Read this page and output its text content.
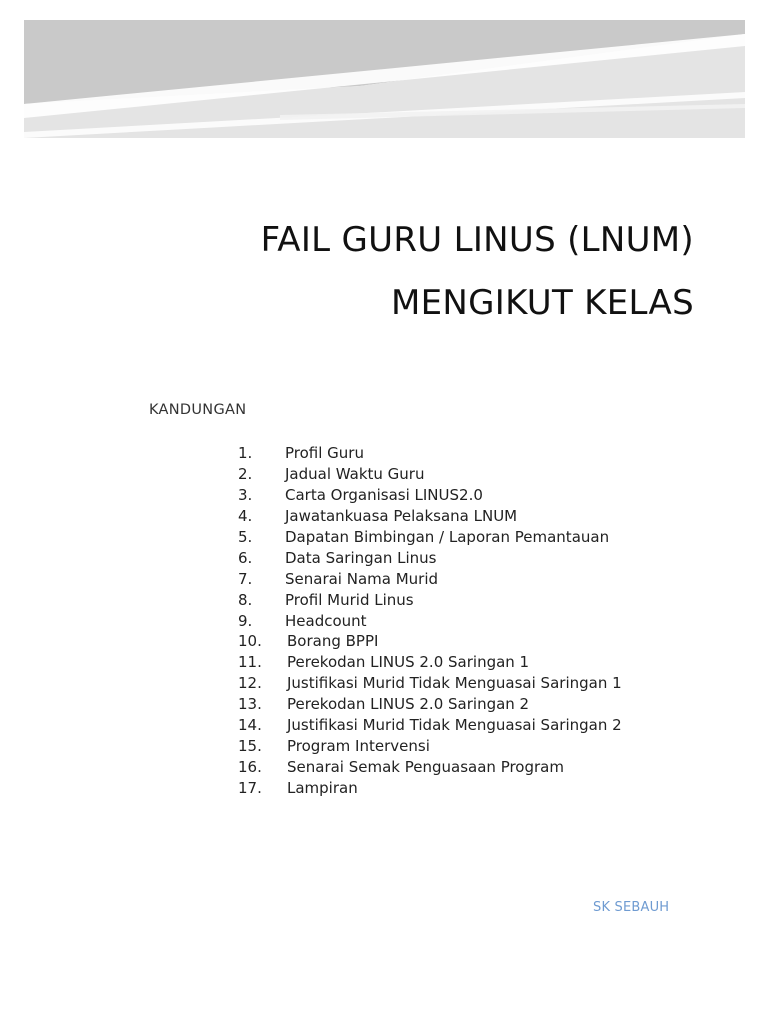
FAIL GURU LINUS (LNUM)
MENGIKUT KELAS
KANDUNGAN
1.	Profil Guru
2.	Jadual Waktu Guru
3.	Carta Organisasi LINUS2.0
4.	Jawatankuasa Pelaksana LNUM
5.	Dapatan Bimbingan / Laporan Pemantauan
6.	Data Saringan Linus
7.	Senarai Nama Murid
8.	Profil Murid Linus
9.	Headcount
10.	Borang BPPI
11.	Perekodan LINUS 2.0 Saringan 1
12.	Justifikasi Murid Tidak Menguasai Saringan 1
13.	Perekodan LINUS 2.0 Saringan 2
14.	Justifikasi Murid Tidak Menguasai Saringan 2
15.	Program Intervensi
16.	Senarai Semak Penguasaan Program
17.	Lampiran
SK SEBAUH
